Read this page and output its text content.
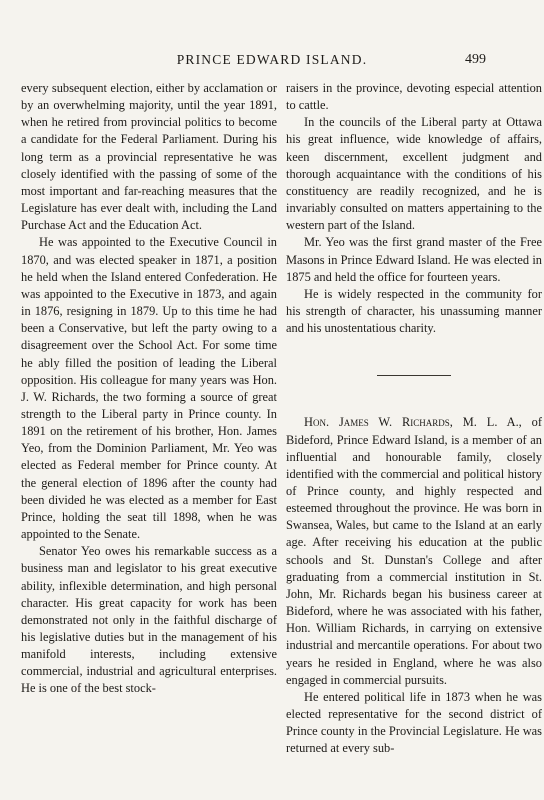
PRINCE EDWARD ISLAND.	499

every subsequent election, either by acclamation or by an overwhelming majority, until the year 1891, when he retired from provincial politics to become a candidate for the Federal Parliament. During his long term as a provincial representative he was closely identified with the passing of some of the most important and far-reaching measures that the Legislature has ever dealt with, including the Land Purchase Act and the Education Act.

He was appointed to the Executive Council in 1870, and was elected speaker in 1871, a position he held when the Island entered Confederation. He was appointed to the Executive in 1873, and again in 1876, resigning in 1879. Up to this time he had been a Conservative, but left the party owing to a disagreement over the School Act. For some time he ably filled the position of leading the Liberal opposition. His colleague for many years was Hon. J. W. Richards, the two forming a source of great strength to the Liberal party in Prince county. In 1891 on the retirement of his brother, Hon. James Yeo, from the Dominion Parliament, Mr. Yeo was elected as Federal member for Prince county. At the general election of 1896 after the county had been divided he was elected as a member for East Prince, holding the seat till 1898, when he was appointed to the Senate.

Senator Yeo owes his remarkable success as a business man and legislator to his great executive ability, inflexible determination, and high personal character. His great capacity for work has been demonstrated not only in the faithful discharge of his legislative duties but in the management of his manifold interests, including extensive commercial, industrial and agricultural enterprises. He is one of the best stock-

raisers in the province, devoting especial attention to cattle.

In the councils of the Liberal party at Ottawa his great influence, wide knowledge of affairs, keen discernment, excellent judgment and thorough acquaintance with the conditions of his constituency are readily recognized, and he is invariably consulted on matters appertaining to the western part of the Island.

Mr. Yeo was the first grand master of the Free Masons in Prince Edward Island. He was elected in 1875 and held the office for fourteen years.

He is widely respected in the community for his strength of character, his unassuming manner and his unostentatious charity.

Hon. James W. Richards, M. L. A., of Bideford, Prince Edward Island, is a member of an influential and honourable family, closely identified with the commercial and political history of Prince county, and highly respected and esteemed throughout the province. He was born in Swansea, Wales, but came to the Island at an early age. After receiving his education at the public schools and St. Dunstan's College and after graduating from a commercial institution in St. John, Mr. Richards began his business career at Bideford, where he was associated with his father, Hon. William Richards, in carrying on extensive industrial and mercantile operations. For about two years he resided in England, where he was also engaged in commercial pursuits.

He entered political life in 1873 when he was elected representative for the second district of Prince county in the Provincial Legislature. He was returned at every sub-
